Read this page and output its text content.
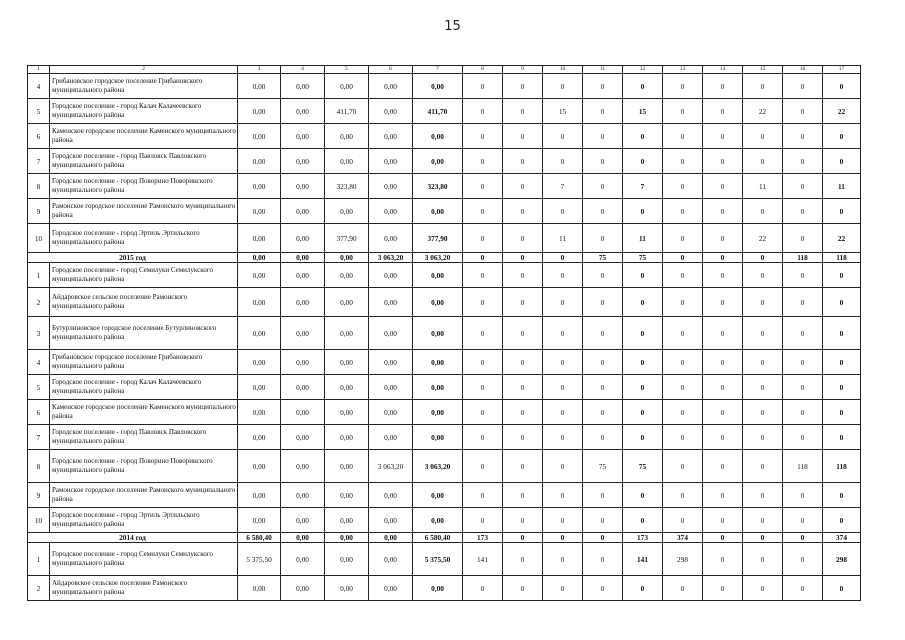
15
1	2	3	4	5	6	7	8	9	10	11	12	13	14	15	16	17
4	Грибановское городское поселение Грибановского муниципального района	0,00	0,00	0,00	0,00	0,00	0	0	0	0	0	0	0	0	0	0
5	Городское поселение - город Калач Калачеевского муниципального района	0,00	0,00	411,70	0,00	411,70	0	0	15	0	15	0	0	22	0	22
6	Каменское городское поселение Каменского муниципального района	0,00	0,00	0,00	0,00	0,00	0	0	0	0	0	0	0	0	0	0
7	Городское поселение - город Павловск Павловского муниципального района	0,00	0,00	0,00	0,00	0,00	0	0	0	0	0	0	0	0	0	0
8	Городское поселение - город Поворино Поворинского муниципального района	0,00	0,00	323,80	0,00	323,80	0	0	7	0	7	0	0	11	0	11
9	Рамонское городское поселение Рамонского муниципального района	0,00	0,00	0,00	0,00	0,00	0	0	0	0	0	0	0	0	0	0
10	Городское поселение - город Эртиль Эртильского муниципального района	0,00	0,00	377,90	0,00	377,90	0	0	11	0	11	0	0	22	0	22
2015 год		0,00	0,00	0,00	3 063,20	3 063,20	0	0	0	75	75	0	0	0	118	118
1	Городское поселение - город Семилуки Семилукского муниципального района	0,00	0,00	0,00	0,00	0,00	0	0	0	0	0	0	0	0	0	0
2	Айдаровское сельское поселение Рамонского муниципального района	0,00	0,00	0,00	0,00	0,00	0	0	0	0	0	0	0	0	0	0
3	Бутурлиновское городское поселение Бутурлиновского муниципального района	0,00	0,00	0,00	0,00	0,00	0	0	0	0	0	0	0	0	0	0
4	Грибановское городское поселение Грибановского муниципального района	0,00	0,00	0,00	0,00	0,00	0	0	0	0	0	0	0	0	0	0
5	Городское поселение - город Калач Калачеевского муниципального района	0,00	0,00	0,00	0,00	0,00	0	0	0	0	0	0	0	0	0	0
6	Каменское городское поселение Каменского муниципального района	0,00	0,00	0,00	0,00	0,00	0	0	0	0	0	0	0	0	0	0
7	Городское поселение - город Павловск Павловского муниципального района	0,00	0,00	0,00	0,00	0,00	0	0	0	0	0	0	0	0	0	0
8	Городское поселение - город Поворино Поворинского муниципального района	0,00	0,00	0,00	3 063,20	3 063,20	0	0	0	75	75	0	0	0	118	118
9	Рамонское городское поселение Рамонского муниципального района	0,00	0,00	0,00	0,00	0,00	0	0	0	0	0	0	0	0	0	0
10	Городское поселение - город Эртиль Эртильского муниципального района	0,00	0,00	0,00	0,00	0,00	0	0	0	0	0	0	0	0	0	0
2014 год		6 580,40	0,00	0,00	0,00	6 580,40	173	0	0	0	173	374	0	0	0	374
1	Городское поселение - город Семилуки Семилукского муниципального района	5 375,50	0,00	0,00	0,00	5 375,50	141	0	0	0	141	298	0	0	0	298
2	Айдаровское сельское поселение Рамонского муниципального района	0,00	0,00	0,00	0,00	0,00	0	0	0	0	0	0	0	0	0	0
